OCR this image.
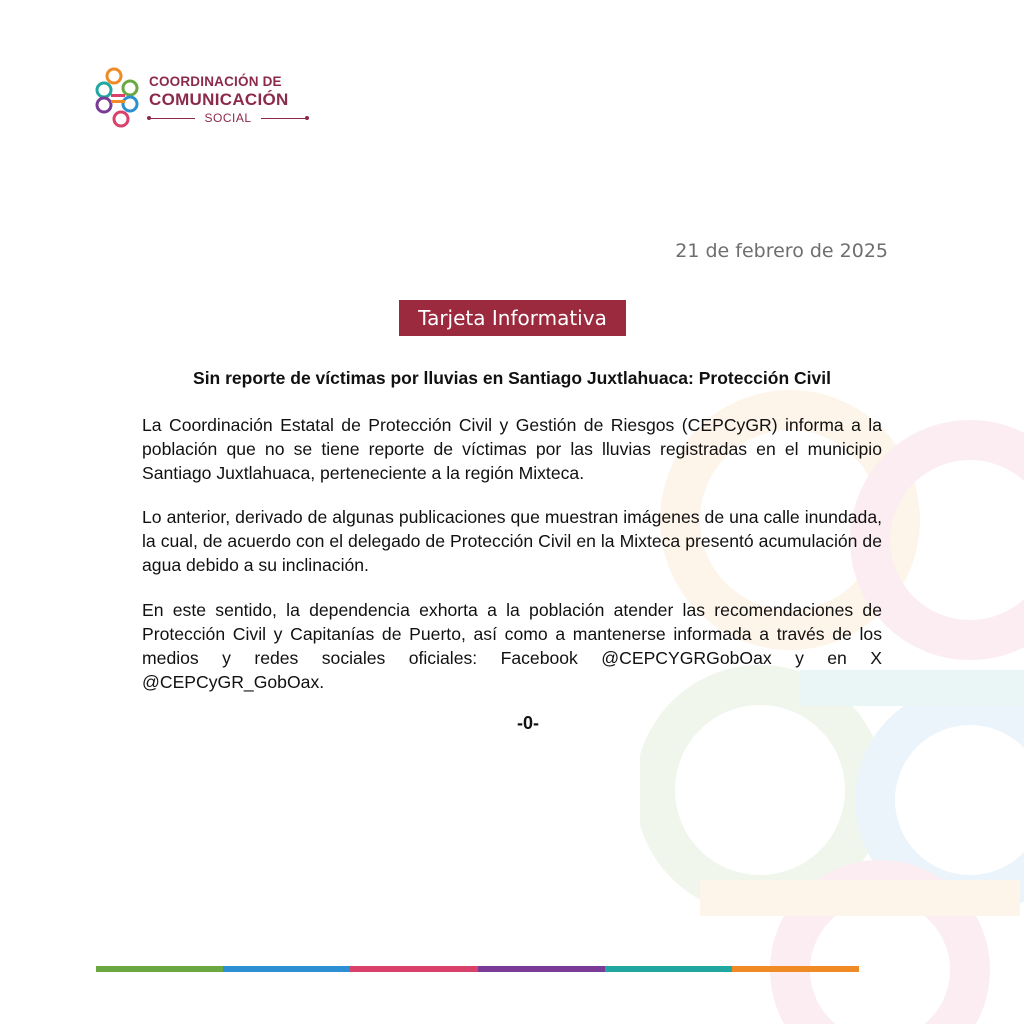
COORDINACIÓN DE
COMUNICACIÓN
SOCIAL
21 de febrero de 2025
Tarjeta Informativa
Sin reporte de víctimas por lluvias en Santiago Juxtlahuaca: Protección Civil

La Coordinación Estatal de Protección Civil y Gestión de Riesgos (CEPCyGR) informa a la población que no se tiene reporte de víctimas por las lluvias registradas en el municipio Santiago Juxtlahuaca, perteneciente a la región Mixteca.

Lo anterior, derivado de algunas publicaciones que muestran imágenes de una calle inundada, la cual, de acuerdo con el delegado de Protección Civil en la Mixteca presentó acumulación de agua debido a su inclinación.

En este sentido, la dependencia exhorta a la población atender las recomendaciones de Protección Civil y Capitanías de Puerto, así como a mantenerse informada a través de los medios y redes sociales oficiales: Facebook @CEPCYGRGobOax y en X @CEPCyGR_GobOax.

-0-
